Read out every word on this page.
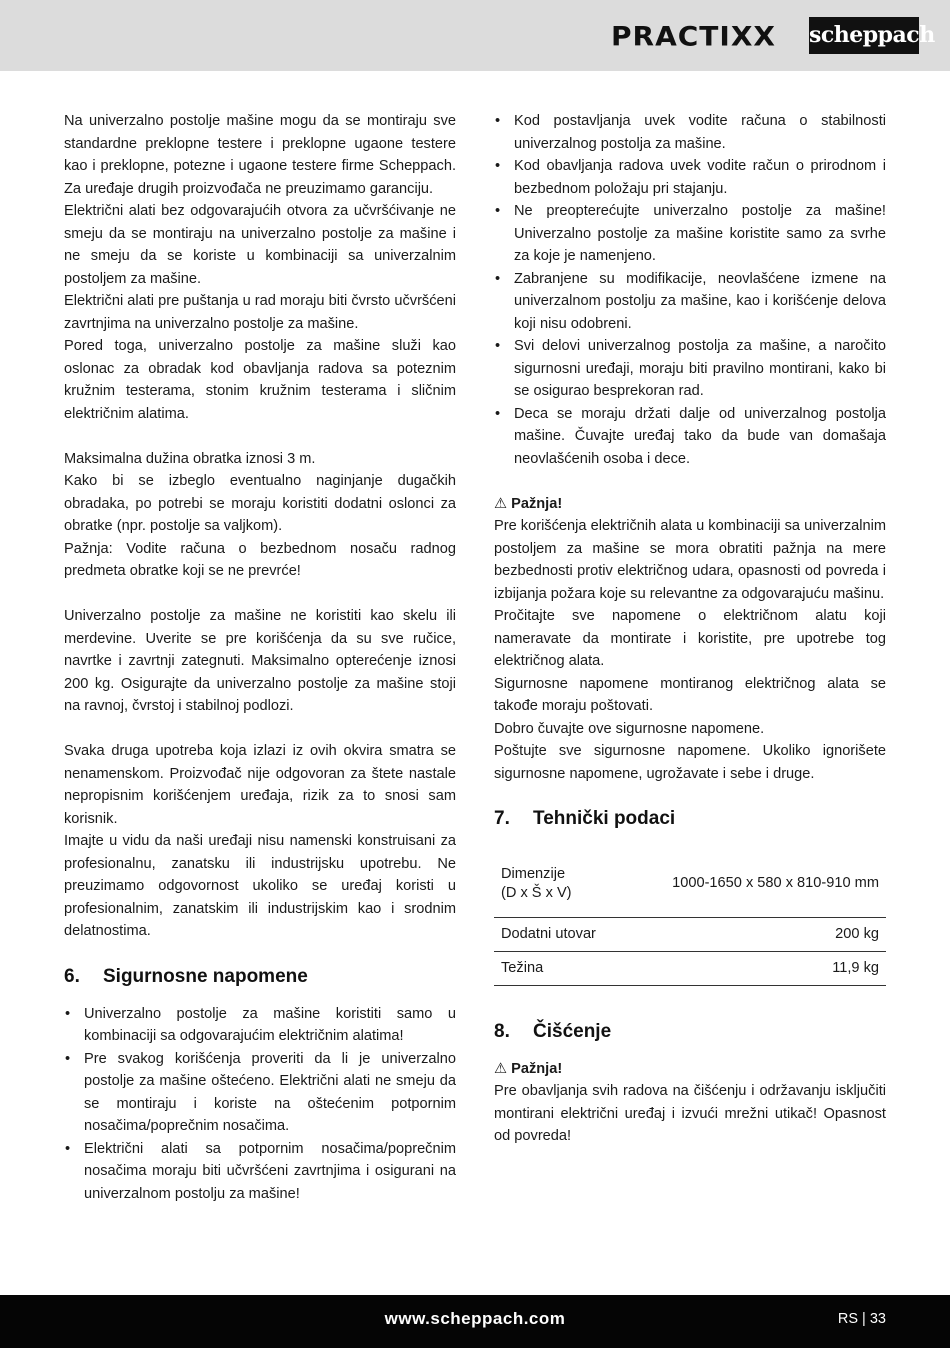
PRACTIXX scheppach

Na univerzalno postolje mašine mogu da se montiraju sve standardne preklopne testere i preklopne ugaone testere kao i preklopne, potezne i ugaone testere firme Scheppach. Za uređaje drugih proizvođača ne preuzimamo garanciju.

Električni alati bez odgovarajućih otvora za učvršćivanje ne smeju da se montiraju na univerzalno postolje za mašine i ne smeju da se koriste u kombinaciji sa univerzalnim postoljem za mašine.

Električni alati pre puštanja u rad moraju biti čvrsto učvršćeni zavrtnjima na univerzalno postolje za mašine.

Pored toga, univerzalno postolje za mašine služi kao oslonac za obradak kod obavljanja radova sa poteznim kružnim testerama, stonim kružnim testerama i sličnim električnim alatima.

Maksimalna dužina obratka iznosi 3 m.

Kako bi se izbeglo eventualno naginjanje dugačkih obradaka, po potrebi se moraju koristiti dodatni oslonci za obratke (npr. postolje sa valjkom).

Pažnja: Vodite računa o bezbednom nosaču radnog predmeta obratke koji se ne prevrće!

Univerzalno postolje za mašine ne koristiti kao skelu ili merdevine. Uverite se pre korišćenja da su sve ručice, navrtke i zavrtnji zategnuti. Maksimalno opterećenje iznosi 200 kg. Osigurajte da univerzalno postolje za mašine stoji na ravnoj, čvrstoj i stabilnoj podlozi.

Svaka druga upotreba koja izlazi iz ovih okvira smatra se nenamenskom. Proizvođač nije odgovoran za štete nastale nepropisnim korišćenjem uređaja, rizik za to snosi sam korisnik.

Imajte u vidu da naši uređaji nisu namenski konstruisani za profesionalnu, zanatsku ili industrijsku upotrebu. Ne preuzimamo odgovornost ukoliko se uređaj koristi u profesionalnim, zanatskim ili industrijskim kao i srodnim delatnostima.

6.	Sigurnosne napomene
• Univerzalno postolje za mašine koristiti samo u kombinaciji sa odgovarajućim električnim alatima!
• Pre svakog korišćenja proveriti da li je univerzalno postolje za mašine oštećeno. Električni alati ne smeju da se montiraju i koriste na oštećenim potpornim nosačima/poprečnim nosačima.
• Električni alati sa potpornim nosačima/poprečnim nosačima moraju biti učvršćeni zavrtnjima i osigurani na univerzalnom postolju za mašine!
• Kod postavljanja uvek vodite računa o stabilnosti univerzalnog postolja za mašine.
• Kod obavljanja radova uvek vodite račun o prirodnom i bezbednom položaju pri stajanju.
• Ne preopterećujte univerzalno postolje za mašine! Univerzalno postolje za mašine koristite samo za svrhe za koje je namenjeno.
• Zabranjene su modifikacije, neovlašćene izmene na univerzalnom postolju za mašine, kao i korišćenje delova koji nisu odobreni.
• Svi delovi univerzalnog postolja za mašine, a naročito sigurnosni uređaji, moraju biti pravilno montirani, kako bi se osigurao besprekoran rad.
• Deca se moraju držati dalje od univerzalnog postolja mašine. Čuvajte uređaj tako da bude van domašaja neovlašćenih osoba i dece.
⚠ Pažnja!

Pre korišćenja električnih alata u kombinaciji sa univerzalnim postoljem za mašine se mora obratiti pažnja na mere bezbednosti protiv električnog udara, opasnosti od povreda i izbijanja požara koje su relevantne za odgovarajuću mašinu.

Pročitajte sve napomene o električnom alatu koji nameravate da montirate i koristite, pre upotrebe tog električnog alata.

Sigurnosne napomene montiranog električnog alata se takođe moraju poštovati.

Dobro čuvajte ove sigurnosne napomene.

Poštujte sve sigurnosne napomene. Ukoliko ignorišete sigurnosne napomene, ugrožavate i sebe i druge.

7.	Tehnički podaci
Dimenzije
(D x Š x V)	1000-1650 x 580 x 810-910 mm
Dodatni utovar	200 kg
Težina	11,9 kg
8.	Čišćenje
⚠ Pažnja!

Pre obavljanja svih radova na čišćenju i održavanju isključiti montirani električni uređaj i izvući mrežni utikač! Opasnost od povreda!

www.scheppach.com	RS | 33
